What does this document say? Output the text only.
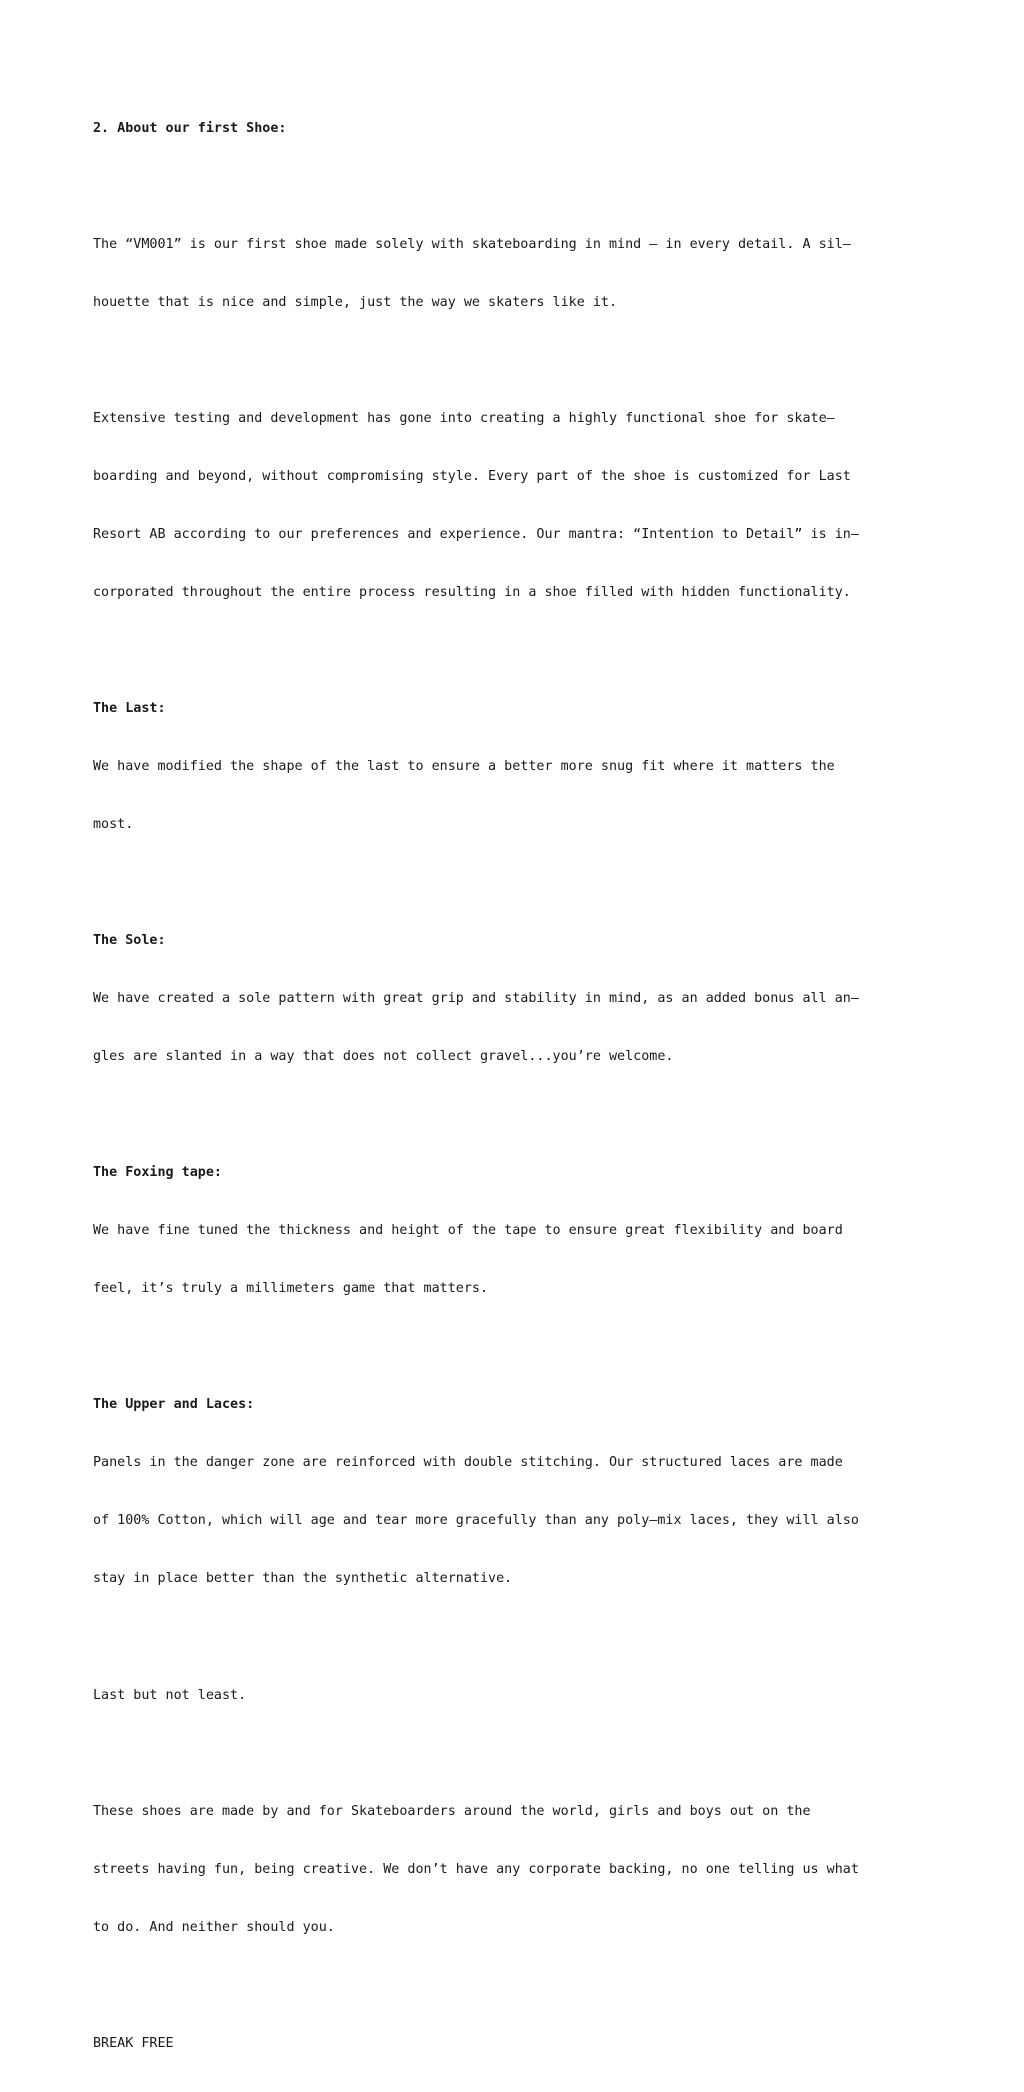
2. About our first Shoe:

The “VM001” is our first shoe made solely with skateboarding in mind – in every detail. A sil–

houette that is nice and simple, just the way we skaters like it.

Extensive testing and development has gone into creating a highly functional shoe for skate–

boarding and beyond, without compromising style. Every part of the shoe is customized for Last

Resort AB according to our preferences and experience. Our mantra: “Intention to Detail” is in–

corporated throughout the entire process resulting in a shoe filled with hidden functionality.

The Last:

We have modified the shape of the last to ensure a better more snug fit where it matters the

most.

The Sole:

We have created a sole pattern with great grip and stability in mind, as an added bonus all an–

gles are slanted in a way that does not collect gravel...you’re welcome.

The Foxing tape:

We have fine tuned the thickness and height of the tape to ensure great flexibility and board

feel, it’s truly a millimeters game that matters.

The Upper and Laces:

Panels in the danger zone are reinforced with double stitching. Our structured laces are made

of 100% Cotton, which will age and tear more gracefully than any poly–mix laces, they will also

stay in place better than the synthetic alternative.

Last but not least.

These shoes are made by and for Skateboarders around the world, girls and boys out on the

streets having fun, being creative. We don’t have any corporate backing, no one telling us what

to do. And neither should you.

BREAK FREE
